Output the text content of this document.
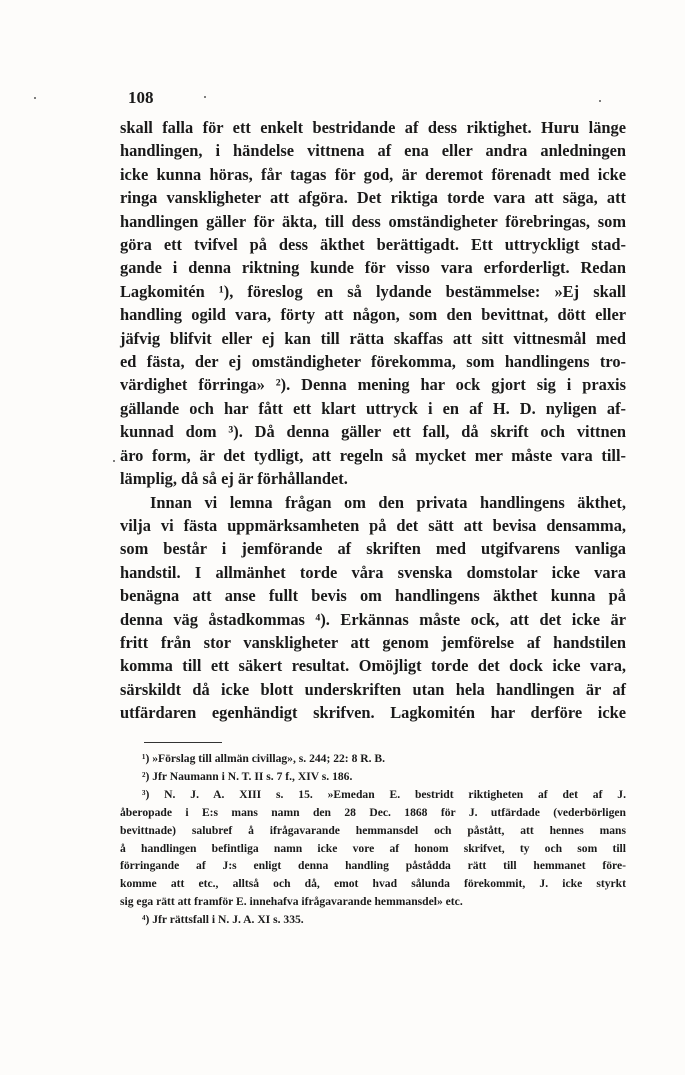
108
skall falla för ett enkelt bestridande af dess riktighet. Huru länge
handlingen, i händelse vittnena af ena eller andra anledningen
icke kunna höras, får tagas för god, är deremot förenadt med icke
ringa vanskligheter att afgöra. Det riktiga torde vara att säga, att
handlingen gäller för äkta, till dess omständigheter förebringas, som
göra ett tvifvel på dess äkthet berättigadt. Ett uttryckligt stad-
gande i denna riktning kunde för visso vara erforderligt. Redan
Lagkomitén ¹), föreslog en så lydande bestämmelse: »Ej skall
handling ogild vara, förty att någon, som den bevittnat, dött eller
jäfvig blifvit eller ej kan till rätta skaffas att sitt vittnesmål med
ed fästa, der ej omständigheter förekomma, som handlingens tro-
värdighet förringa» ²). Denna mening har ock gjort sig i praxis
gällande och har fått ett klart uttryck i en af H. D. nyligen af-
kunnad dom ³). Då denna gäller ett fall, då skrift och vittnen
äro form, är det tydligt, att regeln så mycket mer måste vara till-
lämplig, då så ej är förhållandet.
Innan vi lemna frågan om den privata handlingens äkthet,
vilja vi fästa uppmärksamheten på det sätt att bevisa densamma,
som består i jemförande af skriften med utgifvarens vanliga
handstil. I allmänhet torde våra svenska domstolar icke vara
benägna att anse fullt bevis om handlingens äkthet kunna på
denna väg åstadkommas ⁴). Erkännas måste ock, att det icke är
fritt från stor vanskligheter att genom jemförelse af handstilen
komma till ett säkert resultat. Omöjligt torde det dock icke vara,
särskildt då icke blott underskriften utan hela handlingen är af
utfärdaren egenhändigt skrifven. Lagkomitén har derföre icke
¹) »Förslag till allmän civillag», s. 244; 22: 8 R. B.
²) Jfr Naumann i N. T. II s. 7 f., XIV s. 186.
³) N. J. A. XIII s. 15. »Emedan E. bestridt riktigheten af det af J.
åberopade i E:s mans namn den 28 Dec. 1868 för J. utfärdade (vederbörligen
bevittnade) salubref å ifrågavarande hemmansdel och påstått, att hennes mans
å handlingen befintliga namn icke vore af honom skrifvet, ty och som till
förringande af J:s enligt denna handling påstådda rätt till hemmanet före-
komme att etc., alltså och då, emot hvad sålunda förekommit, J. icke styrkt
sig ega rätt att framför E. innehafva ifrågavarande hemmansdel» etc.
⁴) Jfr rättsfall i N. J. A. XI s. 335.
